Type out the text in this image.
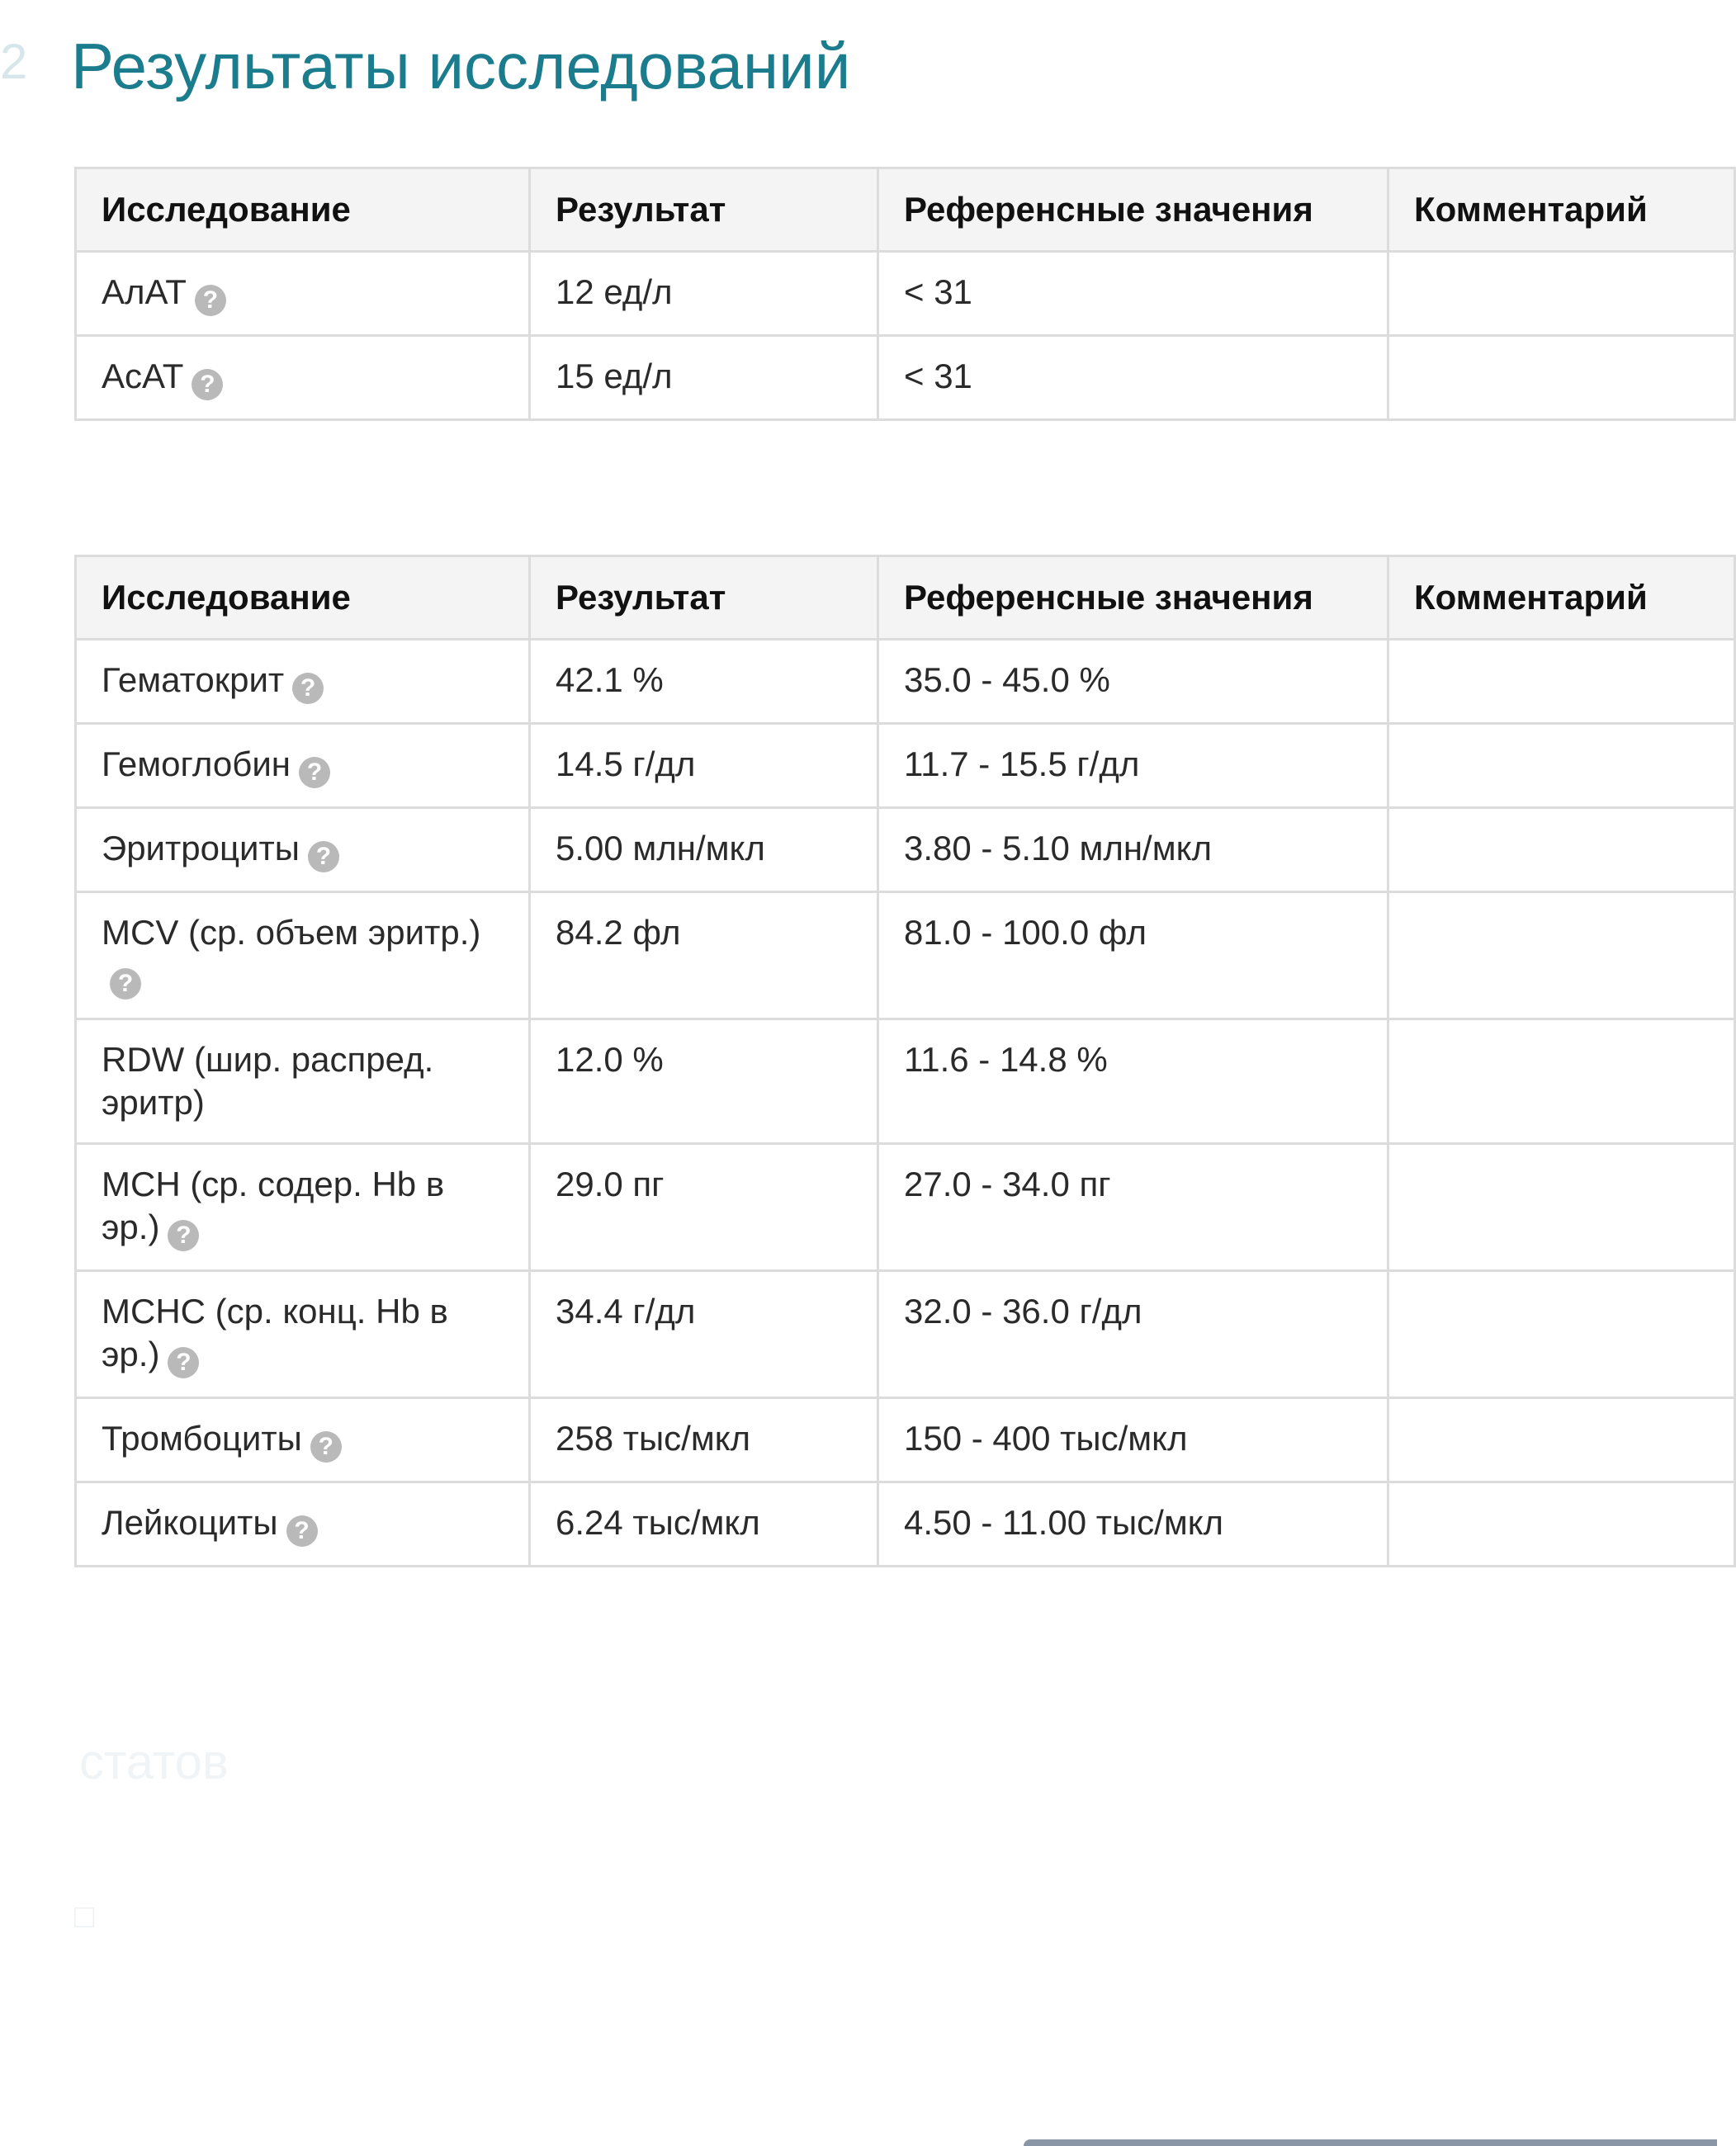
2 Результаты исследований
Исследование	Результат	Референсные значения	Комментарий
АлАТ ?	12 ед/л	< 31	
АсАТ ?	15 ед/л	< 31	
Исследование	Результат	Референсные значения	Комментарий
Гематокрит ?	42.1 %	35.0 - 45.0 %	
Гемоглобин ?	14.5 г/дл	11.7 - 15.5 г/дл	
Эритроциты ?	5.00 млн/мкл	3.80 - 5.10 млн/мкл	
MCV (ср. объем эритр.)?	84.2 фл	81.0 - 100.0 фл	
RDW (шир. распред. эритр)	12.0 %	11.6 - 14.8 %	
MCH (ср. содер. Hb в эр.) ?	29.0 пг	27.0 - 34.0 пг	
MCHC (ср. конц. Hb в эр.) ?	34.4 г/дл	32.0 - 36.0 г/дл	
Тромбоциты ?	258 тыс/мкл	150 - 400 тыс/мкл	
Лейкоциты ?	6.24 тыс/мкл	4.50 - 11.00 тыс/мкл	
статов
□
